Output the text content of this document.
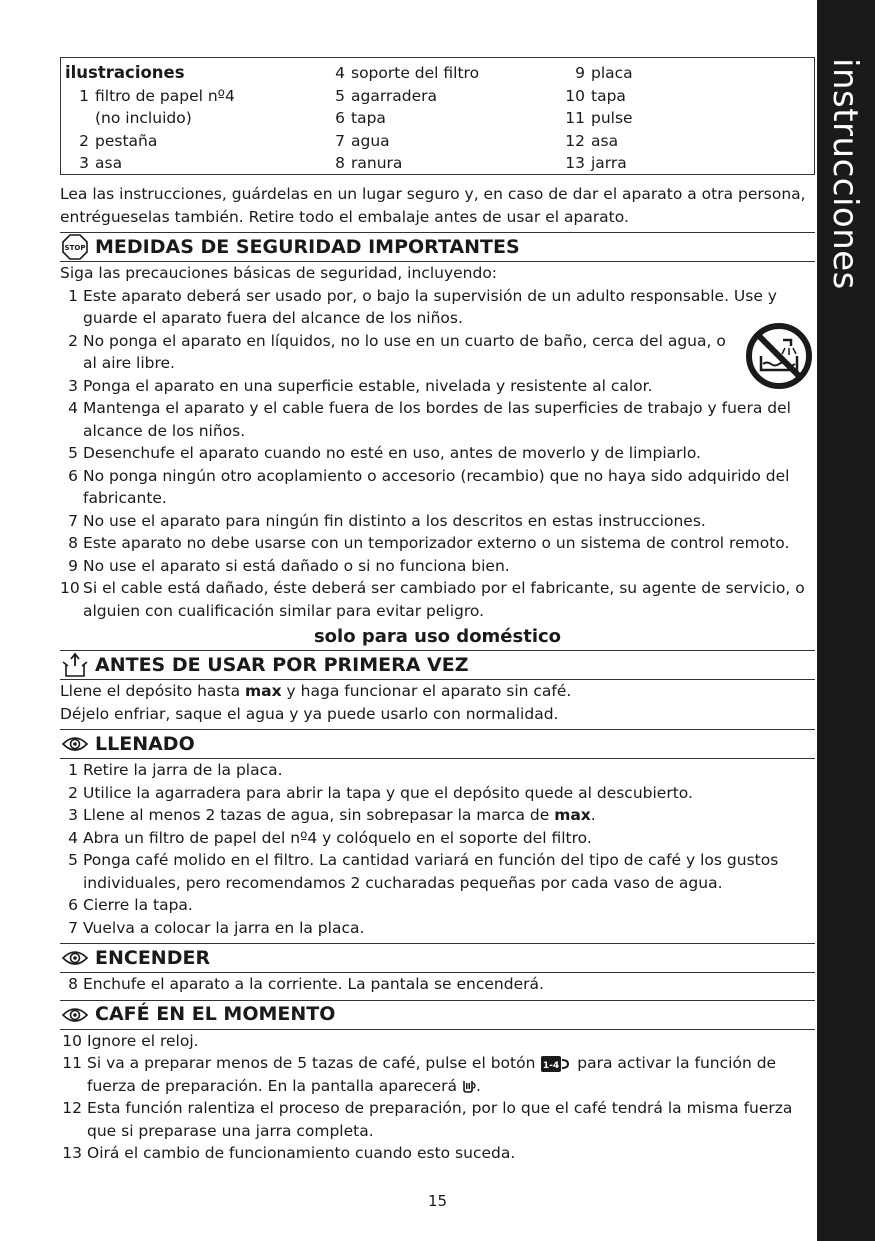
instrucciones
ilustraciones
1 filtro de papel nº4
(no incluido)
2 pestaña
3 asa
4 soporte del filtro
5 agarradera
6 tapa
7 agua
8 ranura
9 placa
10 tapa
11 pulse
12 asa
13 jarra

Lea las instrucciones, guárdelas en un lugar seguro y, en caso de dar el aparato a otra persona, entrégueselas también. Retire todo el embalaje antes de usar el aparato.

STOP MEDIDAS DE SEGURIDAD IMPORTANTES

Siga las precauciones básicas de seguridad, incluyendo:

1 Este aparato deberá ser usado por, o bajo la supervisión de un adulto responsable. Use y guarde el aparato fuera del alcance de los niños.
2 No ponga el aparato en líquidos, no lo use en un cuarto de baño, cerca del agua, o al aire libre.
3 Ponga el aparato en una superficie estable, nivelada y resistente al calor.
4 Mantenga el aparato y el cable fuera de los bordes de las superficies de trabajo y fuera del alcance de los niños.
5 Desenchufe el aparato cuando no esté en uso, antes de moverlo y de limpiarlo.
6 No ponga ningún otro acoplamiento o accesorio (recambio) que no haya sido adquirido del fabricante.
7 No use el aparato para ningún fin distinto a los descritos en estas instrucciones.
8 Este aparato no debe usarse con un temporizador externo o un sistema de control remoto.
9 No use el aparato si está dañado o si no funciona bien.
10 Si el cable está dañado, éste deberá ser cambiado por el fabricante, su agente de servicio, o alguien con cualificación similar para evitar peligro.

solo para uso doméstico

ANTES DE USAR POR PRIMERA VEZ

Llene el depósito hasta max y haga funcionar el aparato sin café.

Déjelo enfriar, saque el agua y ya puede usarlo con normalidad.

LLENADO
1 Retire la jarra de la placa.
2 Utilice la agarradera para abrir la tapa y que el depósito quede al descubierto.
3 Llene al menos 2 tazas de agua, sin sobrepasar la marca de max.
4 Abra un filtro de papel del nº4 y colóquelo en el soporte del filtro.
5 Ponga café molido en el filtro. La cantidad variará en función del tipo de café y los gustos individuales, pero recomendamos 2 cucharadas pequeñas por cada vaso de agua.
6 Cierre la tapa.
7 Vuelva a colocar la jarra en la placa.
ENCENDER
8 Enchufe el aparato a la corriente. La pantala se encenderá.
CAFÉ EN EL MOMENTO
10 Ignore el reloj.
11 Si va a preparar menos de 5 tazas de café, pulse el botón 1-4 para activar la función de fuerza de preparación. En la pantalla aparecerá .
12 Esta función ralentiza el proceso de preparación, por lo que el café tendrá la misma fuerza que si preparase una jarra completa.
13 Oirá el cambio de funcionamiento cuando esto suceda.
15
